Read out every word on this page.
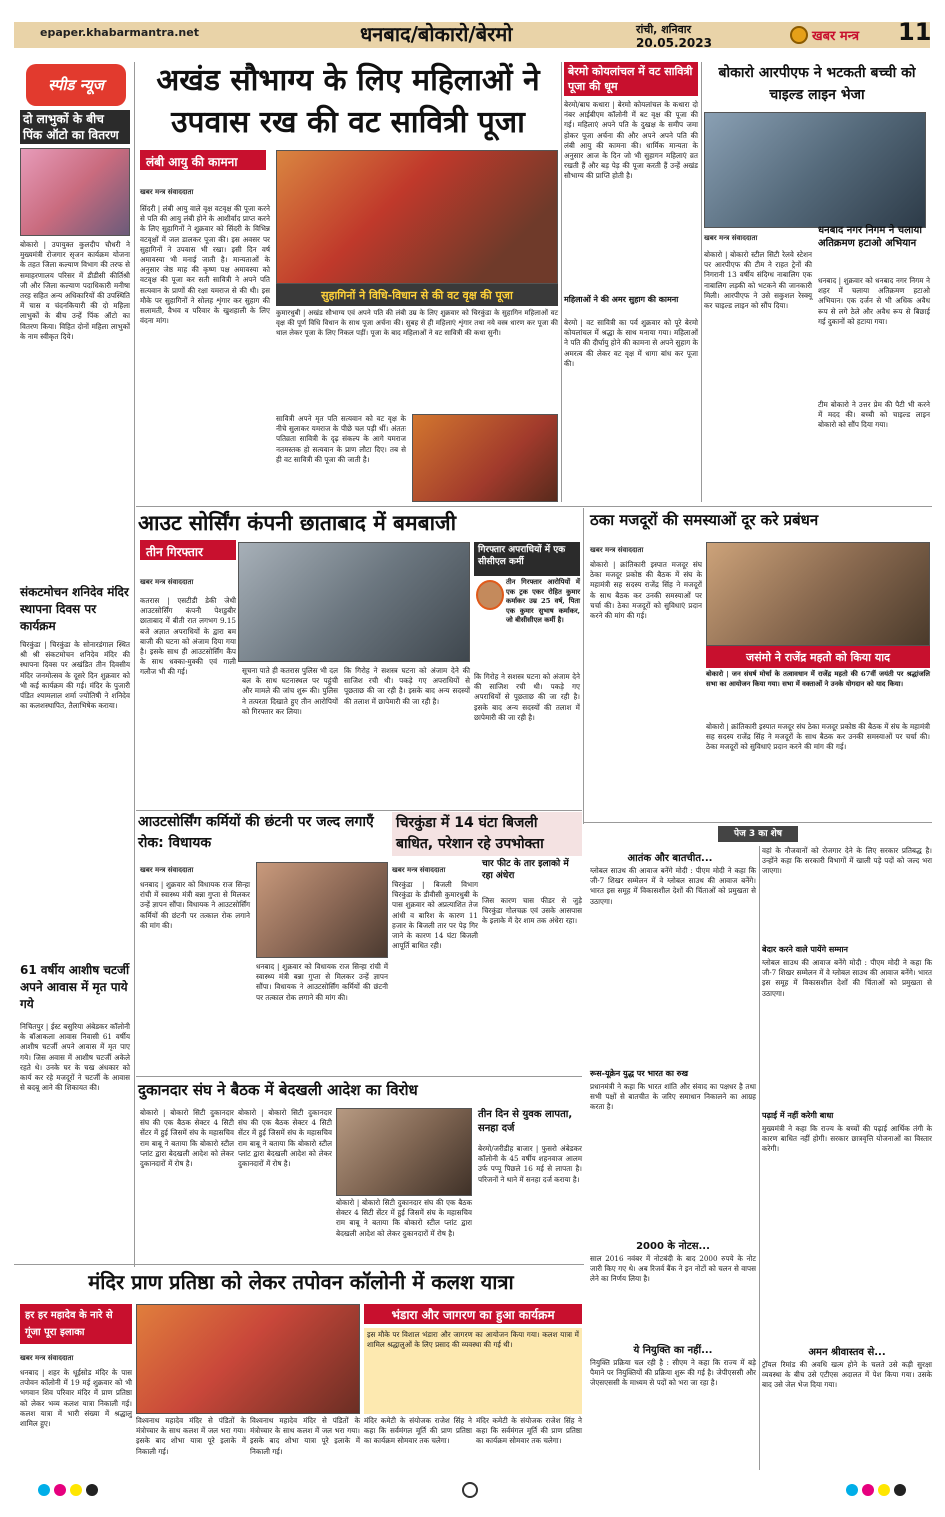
epaper.khabarmantra.net	धनबाद/बोकारो/बेरमो	रांची, शनिवार
20.05.2023	खबर मन्त्र 11
स्पीड न्यूज
दो लाभुकों के बीच पिंक ऑटो का वितरण
बोकारो | उपायुक्त कुलदीप चौधरी ने मुख्यमंत्री रोजगार सृजन कार्यक्रम योजना के तहत जिला कल्याण विभाग की तरफ से समाहरणालय परिसर में डीडीसी कीर्तिश्री जी और जिला कल्याण पदाधिकारी मनीषा तरह सहित अन्य अधिकारियों की उपस्थिति में चास व चंदनकियारी की दो महिला लाभुकों के बीच उन्हें पिंक ऑटो का वितरण किया। विहित दोनों महिला लाभुकों के नाम स्वीकृत दिये।
संकटमोचन शनिदेव मंदिर स्थापना दिवस पर कार्यक्रम
चिरकुंडा | चिरकुंडा के सोनारडंगाल स्थित श्री श्री संकटमोचन शनिदेव मंदिर की स्थापना दिवस पर अखंडित तीन दिवसीय मंदिर जनमोत्सव के दूसरे दिन शुक्रवार को भी कई कार्यक्रम की गई। मंदिर के पुजारी पंडित श्यामलाल शर्मा ज्योतिषी ने शनिदेव का कलशस्थापित, तैलाभिषेक कराया।
61 वर्षीय आशीष चटर्जी अपने आवास में मृत पाये गये
निचितपुर | ईस्ट बसुरिया अंबेडकर कॉलोनी के बॉआकला आवास निवासी 61 वर्षीय आशीष चटर्जी अपने आवास में मृत पाए गये। जिस अवास में आशीष चटर्जी अकेले रहते थे। उनके घर के चख अंधकार को कार्य कर रहे मजदूरों ने चटर्जी के आवास से बदबू आने की शिकायत की।
अखंड सौभाग्य के लिए महिलाओं ने उपवास रख की वट सावित्री पूजा
लंबी आयु की कामना
खबर मन्त्र संवाददाता
सिंदरी | लंबी आयु वाले वृक्ष वटवृक्ष की पूजा करने से पति की आयु लंबी होने के आशीर्वाद प्राप्त करने के लिए सुहागिनों ने शुक्रवार को सिंदरी के विभिन्न वटवृक्षों में जल डालकर पूजा की। इस अवसर पर सुहागिनों ने उपवास भी रखा। इसी दिन वर्ष अमावस्या भी मनाई जाती है। मान्यताओं के अनुसार जेष्ठ माह की कृष्ण पक्ष अमावस्या को वटवृक्ष की पूजा कर सती सावित्री ने अपने पति सत्यवान के प्राणों की रक्षा यमराज से की थी। इस मौके पर सुहागिनों ने सोलह शृंगार कर सुहाग की सलामती, वैभव व परिवार के खुशहाली के लिए वंदना मांग।
सुहागिनों ने विधि-विधान से की वट वृक्ष की पूजा
कुमारधुबी | अखंड सौभाग्य एवं अपने पति की लंबी उम्र के लिए शुक्रवार को चिरकुंडा के सुहागिन महिलाओं वट वृक्ष की पूर्ण विधि विधान के साथ पूजा अर्चना की। सुबह से ही महिलाएं शृंगार तथा नये वस्त्र धारण कर पूजा की थाल लेकर पूजा के लिए निकल पड़ीं। पूजा के बाद महिलाओं ने वट सावित्री की कथा सुनी।
सावित्री अपने मृत पति सत्यवान को वट वृक्ष के नीचे सुलाकर यमराज के पीछे चल पड़ी थीं। अंततः पतिव्रता सावित्री के दृढ़ संकल्प के आगे यमराज नतमस्तक हो सत्यवान के प्राण लौटा दिए। तब से ही वट सावित्री की पूजा की जाती है।
बेरमो कोयलांचल में वट सावित्री पूजा की धूम
बेरमो/बाघ कथारा | बेरमो कोयलांचल के कथारा दो नंबर आईबीएम कॉलोनी में बट वृक्ष की पूजा की गई। महिलाएं अपने पति के दुखक्ष के समीप जमा होकर पूजा अर्चना की और अपने अपने पति की लंबी आयु की कामना की। धार्मिक मान्यता के अनुसार आज के दिन जो भी सुहागन महिलाएं व्रत रखती हैं और बड़ पेड़ की पूजा करती हैं उन्हें अखंड सौभाग्य की प्राप्ति होती है।
महिलाओं ने की अमर सुहाग की कामना
बेरमो | वट सावित्री का पर्व शुक्रवार को पूरे बेरमो कोयलांचल में श्रद्धा के साथ मनाया गया। महिलाओं ने पति की दीर्घायु होने की कामना से अपने सुहाग के अमरत्व की लेकर वट वृक्ष में धागा बांध कर पूजा की।
बोकारो आरपीएफ ने भटकती बच्ची को चाइल्ड लाइन भेजा
खबर मन्त्र संवाददाता
बोकारो | बोकारो स्टील सिटी रेलवे स्टेशन पर आरपीएफ की टीम ने राहत ट्रेनों की निगरानी 13 वर्षीय संदिग्ध नाबालिग एक नाबालिग लड़की को भटकने की जानकारी मिली। आरपीएफ ने उसे सकुशल रेस्क्यू कर चाइल्ड लाइन को सौंप दिया।
धनबाद नगर निगम ने चलाया अतिक्रमण हटाओ अभियान
धनबाद | शुक्रवार को धनबाद नगर निगम ने शहर में चलाया अतिक्रमण हटाओ अभियान। एक दर्जन से भी अधिक अवैध रूप से लगे ठेले और अवैध रूप से बिछाई गई दुकानों को हटाया गया।
टीम बोकारो ने उत्तर प्रेम की पैटी भी करने में मदद की। बच्ची को चाइल्ड लाइन बोकारो को सौंप दिया गया।
आउट सोर्सिंग कंपनी छाताबाद में बमबाजी
तीन गिरफ्तार
खबर मन्त्र संवाददाता
कतरास | एसटीडी डेकी जेथी आउटसोर्सिंग कंपनी पेशडुबीर छाताबाद में बीती रात लगभग 9.15 बजे अज्ञात अपराधियों के द्वारा बम बाजी की घटना को अंजाम दिया गया है। इसके साथ ही आउटसोर्सिंग कैंप के साथ धक्का-मुक्की एवं गाली गलौज भी की गई।	सूचना पाते ही कतरास पुलिस भी दल बल के साथ घटनास्थल पर पहुंची और मामले की जांच शुरू की। पुलिस ने तत्परता दिखाते हुए तीन आरोपियों को गिरफ्तार कर लिया।
कि गिरोह ने सशस्त्र घटना को अंजाम देने की साजिश रची थी। पकड़े गए अपराधियों से पूछताछ की जा रही है। इसके बाद अन्य सदस्यों की तलाश में छापेमारी की जा रही है।
गिरफ्तार अपराधियों में एक सीसीएल कर्मी
तीन गिरफ्तार आरोपियों में एक ट्रक एकर रोहित कुमार कर्माकर उम्र 25 वर्ष, पिता एक कुमार सुभाष कर्माकर, जो बीसीसीएल कर्मी है।
कि गिरोह ने सशस्त्र घटना को अंजाम देने की साजिश रची थी। पकड़े गए अपराधियों से पूछताछ की जा रही है। इसके बाद अन्य सदस्यों की तलाश में छापेमारी की जा रही है।
आउटसोर्सिंग कर्मियों की छंटनी पर जल्द लगाएँ रोक: विधायक
खबर मन्त्र संवाददाता
धनबाद | शुक्रवार को विधायक राज सिन्हा रांची में स्वास्थ्य मंत्री बन्ना गुप्ता से मिलकर उन्हें ज्ञापन सौंपा। विधायक ने आउटसोर्सिंग कर्मियों की छंटनी पर तत्काल रोक लगाने की मांग की।
धनबाद | शुक्रवार को विधायक राज सिन्हा रांची में स्वास्थ्य मंत्री बन्ना गुप्ता से मिलकर उन्हें ज्ञापन सौंपा। विधायक ने आउटसोर्सिंग कर्मियों की छंटनी पर तत्काल रोक लगाने की मांग की।
चिरकुंडा में 14 घंटा बिजली बाधित, परेशान रहे उपभोक्ता
खबर मन्त्र संवाददाता
चिरकुंडा | बिजली विभाग चिरकुंडा के डीवीसी कुमारधुबी के पास शुक्रवार को अप्रत्याशित तेज आंधी व बारिश के कारण 11 हजार के बिजली तार पर पेड़ गिर जाने के कारण 14 घंटा बिजली आपूर्ति बाधित रही।
चार फीट के तार इलाको में रहा अंधेरा
जिस कारण चास फीडर से जुड़े चिरकुंडा गोलचक्र एवं उसके आसपास के इलाके में देर शाम तक अंधेरा रहा।
ठका मजदूरों की समस्याओं दूर करे प्रबंधन
खबर मन्त्र संवाददाता
बोकारो | क्रांतिकारी इस्पात मजदूर संघ ठेका मजदूर प्रकोष्ठ की बैठक में संघ के महामंत्री सह सदस्य राजेंद्र सिंह ने मजदूरों के साथ बैठक कर उनकी समस्याओं पर चर्चा की। ठेका मजदूरों को सुविधाएं प्रदान करने की मांग की गई।
जसंमो ने राजेंद्र महतो को किया याद
बोकारो | जन संघर्ष मोर्चा के तत्वावधान में राजेंद्र महतो की 67वीं जयंती पर श्रद्धांजलि सभा का आयोजन किया गया। सभा में वक्ताओं ने उनके योगदान को याद किया।
बोकारो | क्रांतिकारी इस्पात मजदूर संघ ठेका मजदूर प्रकोष्ठ की बैठक में संघ के महामंत्री सह सदस्य राजेंद्र सिंह ने मजदूरों के साथ बैठक कर उनकी समस्याओं पर चर्चा की। ठेका मजदूरों को सुविधाएं प्रदान करने की मांग की गई।
पेज 3 का शेष
आतंक और बातचीत...
ग्लोबल साउथ की आवाज बनेंगे मोदी : पीएम मोदी ने कहा कि जी-7 शिखर सम्मेलन में वे ग्लोबल साउथ की आवाज बनेंगे। भारत इस समूह में विकासशील देशों की चिंताओं को प्रमुखता से उठाएगा।
रूस-यूक्रेन युद्ध पर भारत का रुख
प्रधानमंत्री ने कहा कि भारत शांति और संवाद का पक्षधर है तथा सभी पक्षों से बातचीत के जरिए समाधान निकालने का आग्रह करता है।
2000 के नोटस...
साल 2016 नवंबर में नोटबंदी के बाद 2000 रुपये के नोट जारी किए गए थे। अब रिजर्व बैंक ने इन नोटों को चलन से वापस लेने का निर्णय लिया है।
ये नियुक्ति का नहीं...
नियुक्ति प्रक्रिया चल रही है : सीएम ने कहा कि राज्य में बड़े पैमाने पर नियुक्तियों की प्रक्रिया शुरू की गई है। जेपीएससी और जेएसएससी के माध्यम से पदों को भरा जा रहा है।
वहां के नौजवानों को रोजगार देने के लिए सरकार प्रतिबद्ध है। उन्होंने कहा कि सरकारी विभागों में खाली पड़े पदों को जल्द भरा जाएगा।
बेदार करने वाले पायेंगे सम्मान
ग्लोबल साउथ की आवाज बनेंगे मोदी : पीएम मोदी ने कहा कि जी-7 शिखर सम्मेलन में वे ग्लोबल साउथ की आवाज बनेंगे। भारत इस समूह में विकासशील देशों की चिंताओं को प्रमुखता से उठाएगा।
पढ़ाई में नहीं करेगी बाधा
मुख्यमंत्री ने कहा कि राज्य के बच्चों की पढ़ाई आर्थिक तंगी के कारण बाधित नहीं होगी। सरकार छात्रवृत्ति योजनाओं का विस्तार करेगी।
अमन श्रीवास्तव से...
ट्रॉयल रिमांड की अवधि खत्म होने के चलते उसे कड़ी सुरक्षा व्यवस्था के बीच उसे एटीएस अदालत में पेश किया गया। उसके बाद उसे जेल भेज दिया गया।
दुकानदार संघ ने बैठक में बेदखली आदेश का विरोध
बोकारो | बोकारो सिटी दुकानदार संघ की एक बैठक सेक्टर 4 सिटी सेंटर में हुई जिसमें संघ के महासचिव राम बाबू ने बताया कि बोकारो स्टील प्लांट द्वारा बेदखली आदेश को लेकर दुकानदारों में रोष है।
बोकारो | बोकारो सिटी दुकानदार संघ की एक बैठक सेक्टर 4 सिटी सेंटर में हुई जिसमें संघ के महासचिव राम बाबू ने बताया कि बोकारो स्टील प्लांट द्वारा बेदखली आदेश को लेकर दुकानदारों में रोष है।
बोकारो | बोकारो सिटी दुकानदार संघ की एक बैठक सेक्टर 4 सिटी सेंटर में हुई जिसमें संघ के महासचिव राम बाबू ने बताया कि बोकारो स्टील प्लांट द्वारा बेदखली आदेश को लेकर दुकानदारों में रोष है।
तीन दिन से युवक लापता, सनहा दर्ज
बेरमो/जरीडीह बाजार | फुसरो अंबेडकर कॉलोनी के 45 वर्षीय शहनवाज आलम उर्फ पप्पू पिछले 16 मई से लापता है। परिजनों ने थाने में सनहा दर्ज कराया है।
मंदिर प्राण प्रतिष्ठा को लेकर तपोवन कॉलोनी में कलश यात्रा
हर हर महादेव के नारे से गूंजा पूरा इलाका
खबर मन्त्र संवाददाता
धनबाद | शहर के धूईसोड मंदिर के पास तपोवन कॉलोनी में 19 मई शुक्रवार को भी भगवान शिव परिवार मंदिर में प्राण प्रतिष्ठा को लेकर भव्य कलश यात्रा निकाली गई। कलश यात्रा में भारी संख्या में श्रद्धालु शामिल हुए।	विश्वनाथ महादेव मंदिर से पंडितों के मंत्रोच्चार के साथ कलश में जल भरा गया। इसके बाद शोभा यात्रा पूरे इलाके में निकाली गई।
विश्वनाथ महादेव मंदिर से पंडितों के मंत्रोच्चार के साथ कलश में जल भरा गया। इसके बाद शोभा यात्रा पूरे इलाके में निकाली गई।
भंडारा और जागरण का हुआ कार्यक्रम
इस मौके पर विशाल भंडारा और जागरण का आयोजन किया गया। कलश यात्रा में शामिल श्रद्धालुओं के लिए प्रसाद की व्यवस्था की गई थी।
मंदिर कमेटी के संयोजक राजेश सिंह ने कहा कि सर्वमंगल मूर्ति की प्राण प्रतिष्ठा का कार्यक्रम सोमवार तक चलेगा।
मंदिर कमेटी के संयोजक राजेश सिंह ने कहा कि सर्वमंगल मूर्ति की प्राण प्रतिष्ठा का कार्यक्रम सोमवार तक चलेगा।
